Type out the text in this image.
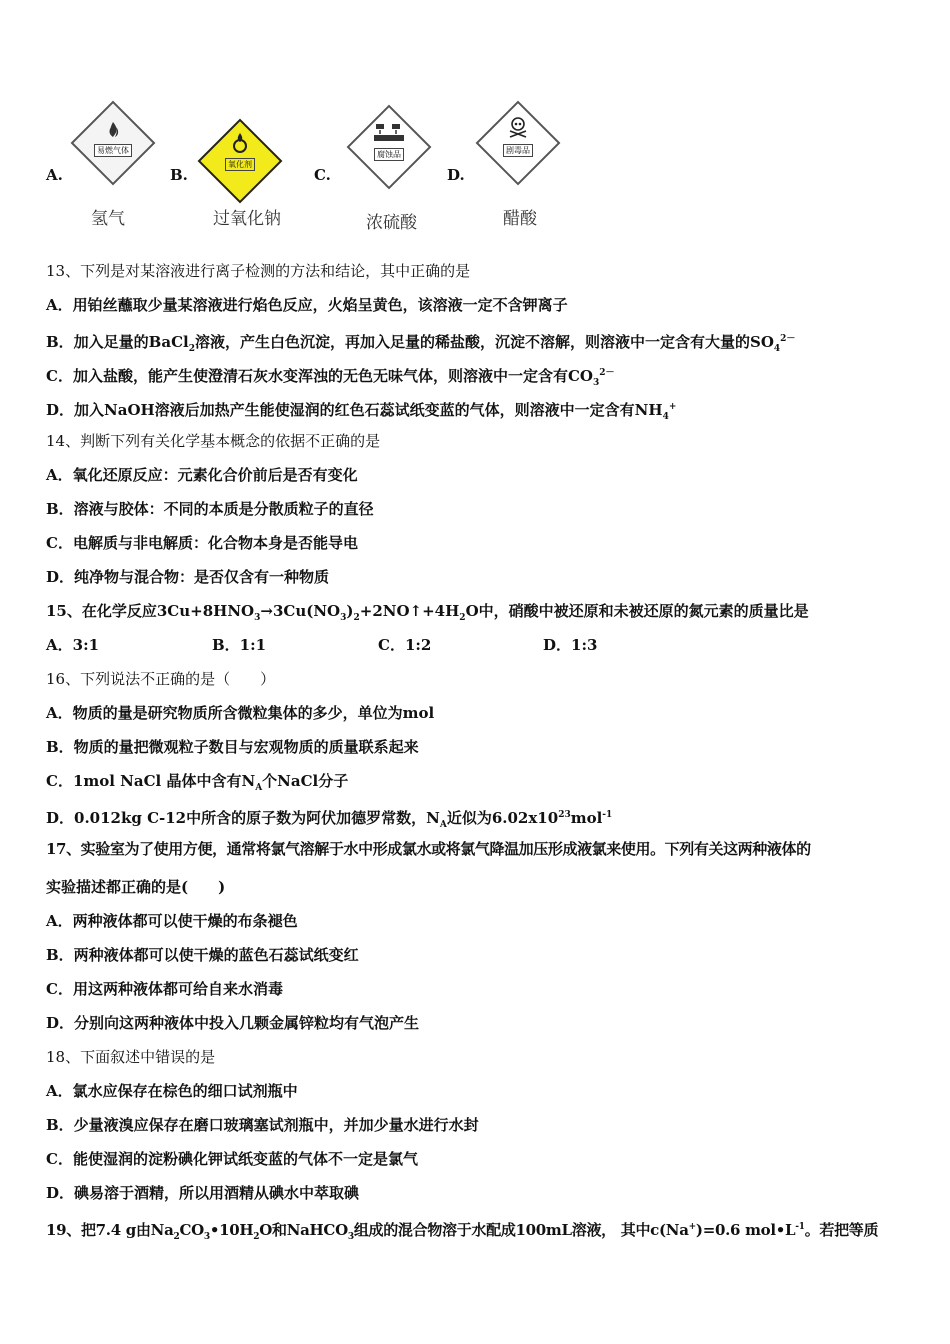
A.
易燃气体
氢气
B.
氧化剂
过氧化钠
C.
腐蚀品
浓硫酸
D.
剧毒品
醋酸
13、下列是对某溶液进行离子检测的方法和结论，其中正确的是
A．用铂丝蘸取少量某溶液进行焰色反应，火焰呈黄色，该溶液一定不含钾离子
B．加入足量的BaCl$_2$溶液，产生白色沉淀，再加入足量的稀盐酸，沉淀不溶解，则溶液中一定含有大量的$SO_4^{2-}$
C．加入盐酸，能产生使澄清石灰水变浑浊的无色无味气体，则溶液中一定含有$CO_3^{2-}$
D．加入NaOH溶液后加热产生能使湿润的红色石蕊试纸变蓝的气体，则溶液中一定含有$NH_4^+$
14、判断下列有关化学基本概念的依据不正确的是
A．氧化还原反应：元素化合价前后是否有变化
B．溶液与胶体：不同的本质是分散质粒子的直径
C．电解质与非电解质：化合物本身是否能导电
D．纯净物与混合物：是否仅含有一种物质
15、在化学反应$3Cu+8HNO_3\to 3Cu(NO_3)_2+2NO↑+4H_2O$中，硝酸中被还原和未被还原的氮元素的质量比是
A．3:1	B．1:1	C．1:2	D．1:3
16、下列说法不正确的是（　　）
A．物质的量是研究物质所含微粒集体的多少，单位为mol
B．物质的量把微观粒子数目与宏观物质的质量联系起来
C．1mol NaCl 晶体中含有$N_A$个NaCl分子
D．0.012kg C-12中所含的原子数为阿伏加德罗常数，$N_A$近似为$6.02x10^{23}mol^{-1}$
17、实验室为了使用方便，通常将氯气溶解于水中形成氯水或将氯气降温加压形成液氯来使用。下列有关这两种液体的
实验描述都正确的是(　　)
A．两种液体都可以使干燥的布条褪色
B．两种液体都可以使干燥的蓝色石蕊试纸变红
C．用这两种液体都可给自来水消毒
D．分别向这两种液体中投入几颗金属锌粒均有气泡产生
18、下面叙述中错误的是
A．氯水应保存在棕色的细口试剂瓶中
B．少量液溴应保存在磨口玻璃塞试剂瓶中，并加少量水进行水封
C．能使湿润的淀粉碘化钾试纸变蓝的气体不一定是氯气
D．碘易溶于酒精，所以用酒精从碘水中萃取碘
19、把7.4 g由$Na_2CO_3•10H_2O$和NaHCO$_3$组成的混合物溶于水配成100mL溶液， 其中c(Na+)=0.6 $mol•L^{-1}$。若把等质
